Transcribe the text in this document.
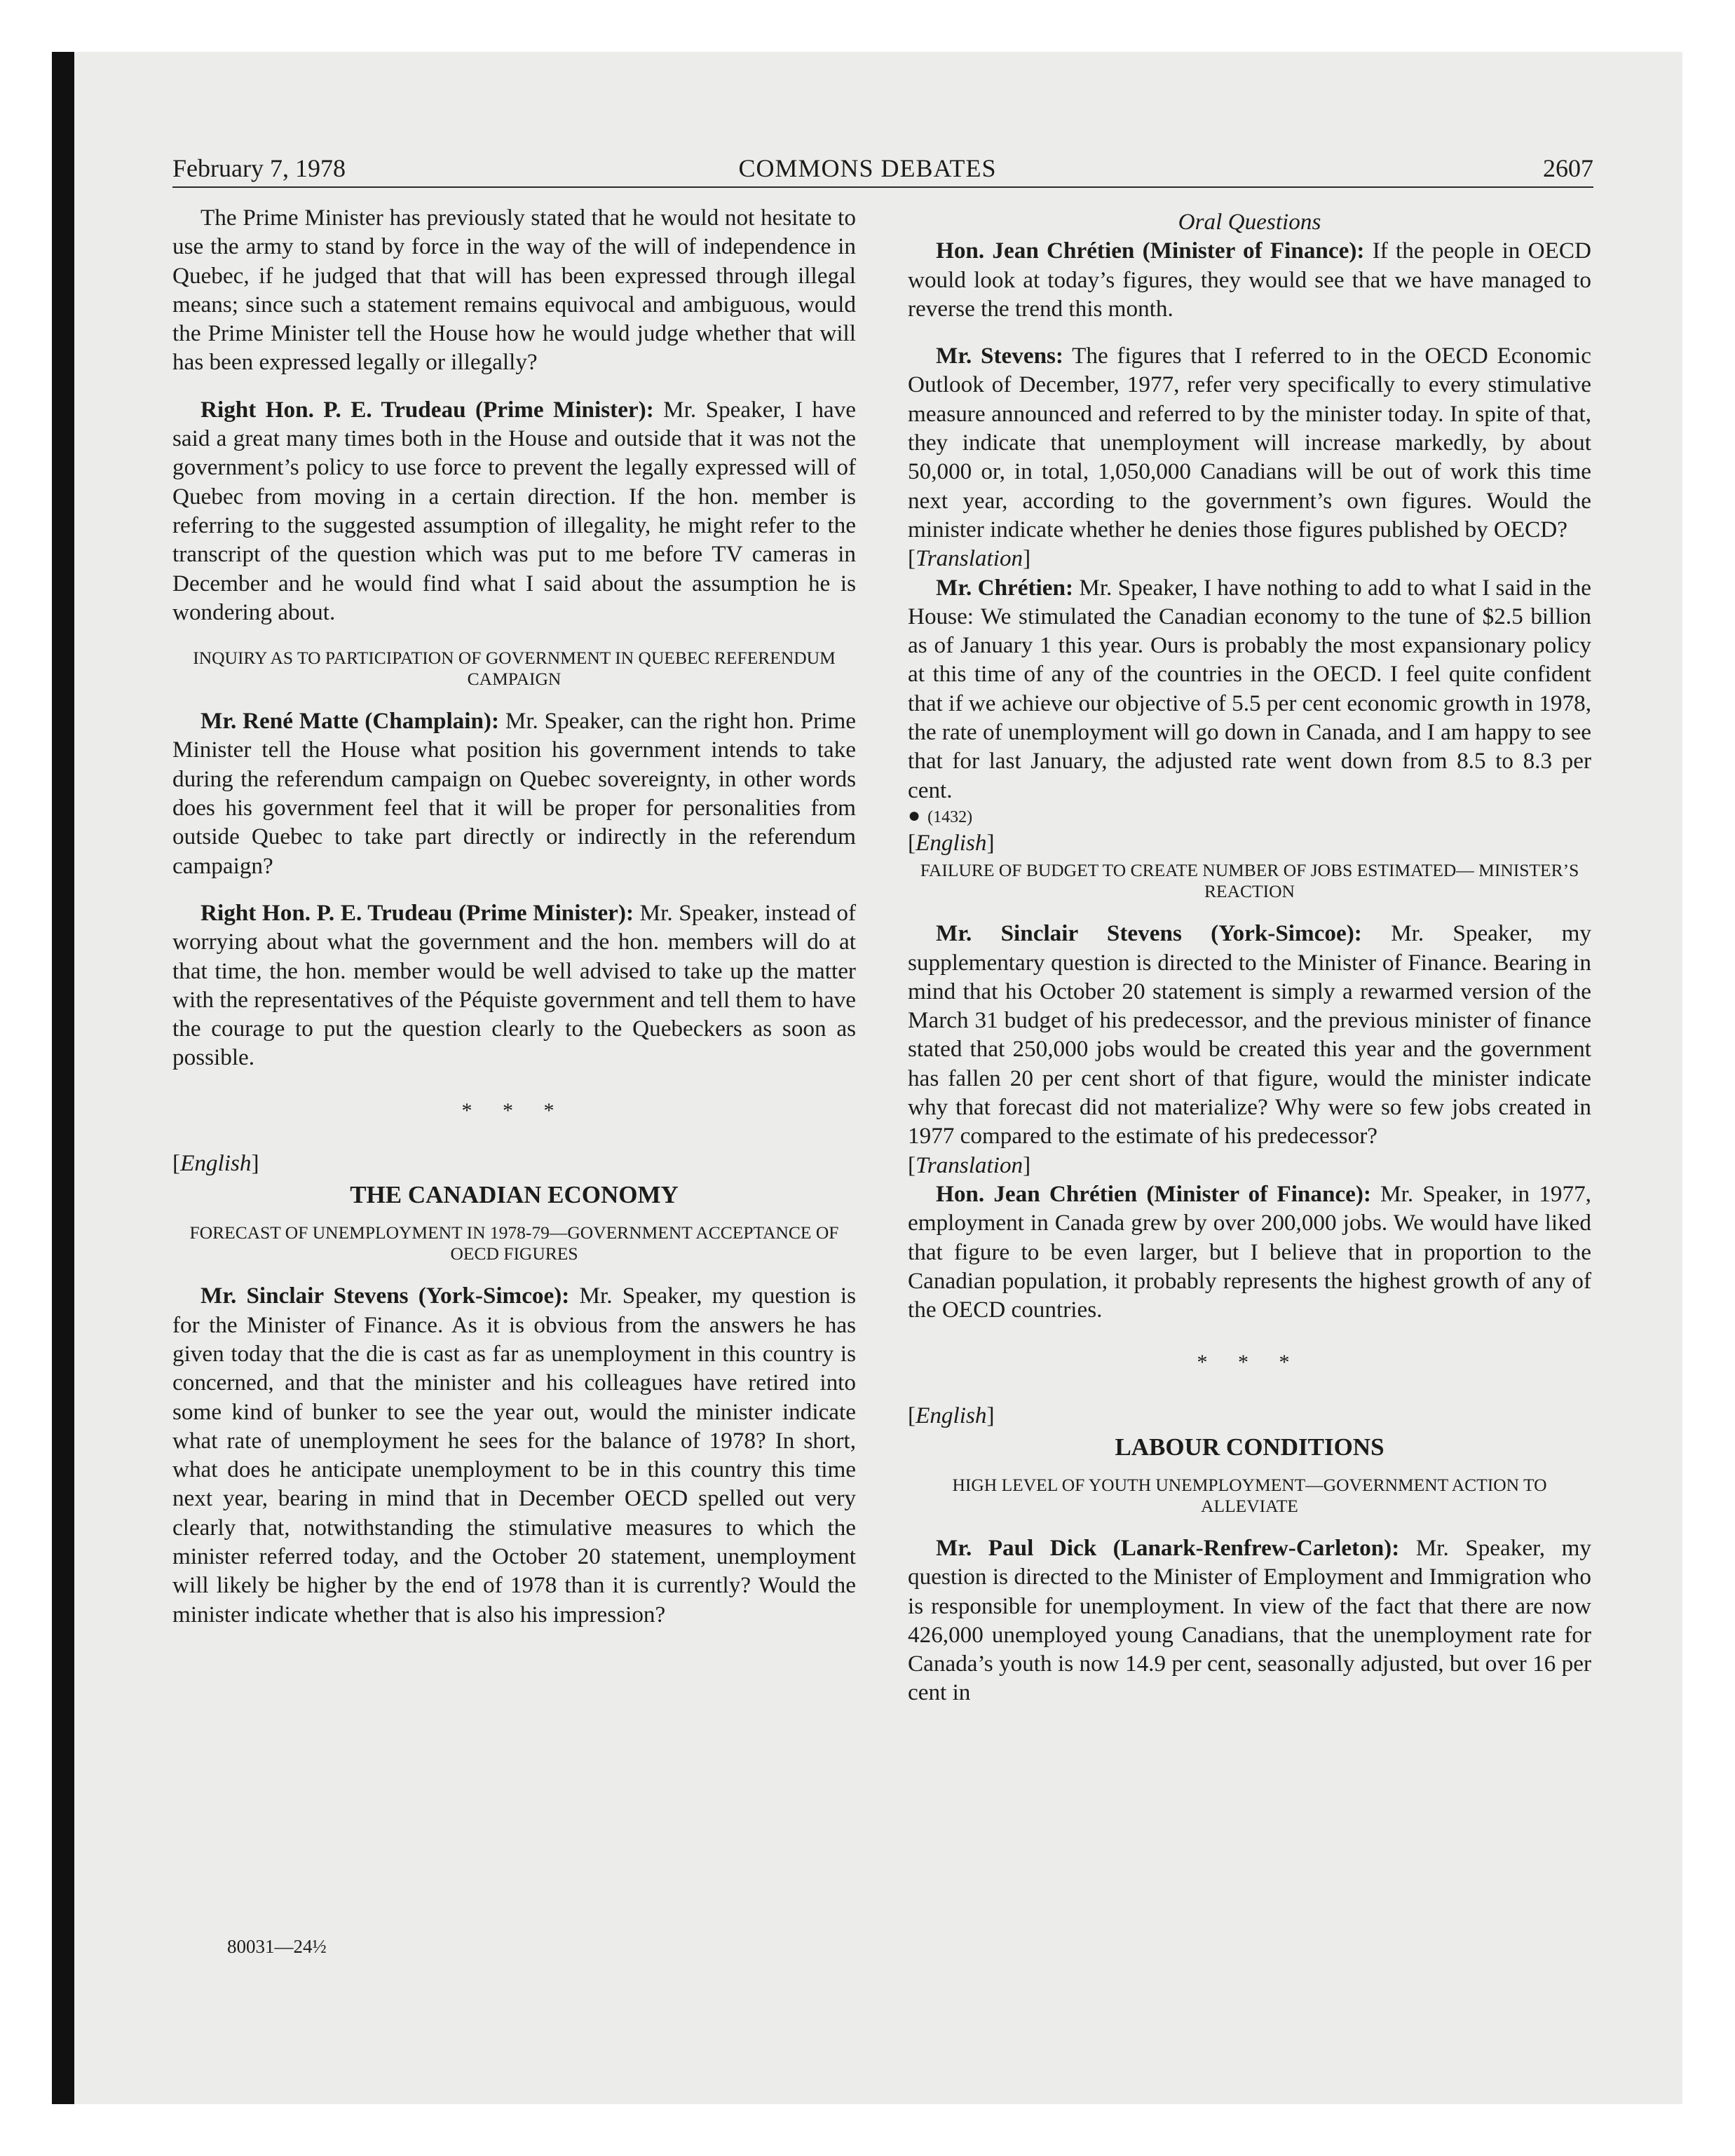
February 7, 1978	COMMONS DEBATES	2607

The Prime Minister has previously stated that he would not hesitate to use the army to stand by force in the way of the will of independence in Quebec, if he judged that that will has been expressed through illegal means; since such a statement remains equivocal and ambiguous, would the Prime Minister tell the House how he would judge whether that will has been expressed legally or illegally?

Right Hon. P. E. Trudeau (Prime Minister): Mr. Speaker, I have said a great many times both in the House and outside that it was not the government’s policy to use force to prevent the legally expressed will of Quebec from moving in a certain direction. If the hon. member is referring to the suggested assumption of illegality, he might refer to the transcript of the question which was put to me before TV cameras in December and he would find what I said about the assumption he is wondering about.

INQUIRY AS TO PARTICIPATION OF GOVERNMENT IN QUEBEC REFERENDUM CAMPAIGN

Mr. René Matte (Champlain): Mr. Speaker, can the right hon. Prime Minister tell the House what position his government intends to take during the referendum campaign on Quebec sovereignty, in other words does his government feel that it will be proper for personalities from outside Quebec to take part directly or indirectly in the referendum campaign?

Right Hon. P. E. Trudeau (Prime Minister): Mr. Speaker, instead of worrying about what the government and the hon. members will do at that time, the hon. member would be well advised to take up the matter with the representatives of the Péquiste government and tell them to have the courage to put the question clearly to the Quebeckers as soon as possible.

* * *

[English]

THE CANADIAN ECONOMY

FORECAST OF UNEMPLOYMENT IN 1978-79—GOVERNMENT ACCEPTANCE OF OECD FIGURES

Mr. Sinclair Stevens (York-Simcoe): Mr. Speaker, my question is for the Minister of Finance. As it is obvious from the answers he has given today that the die is cast as far as unemployment in this country is concerned, and that the minister and his colleagues have retired into some kind of bunker to see the year out, would the minister indicate what rate of unemployment he sees for the balance of 1978? In short, what does he anticipate unemployment to be in this country this time next year, bearing in mind that in December OECD spelled out very clearly that, notwithstanding the stimulative measures to which the minister referred today, and the October 20 statement, unemployment will likely be higher by the end of 1978 than it is currently? Would the minister indicate whether that is also his impression?

Oral Questions

Hon. Jean Chrétien (Minister of Finance): If the people in OECD would look at today’s figures, they would see that we have managed to reverse the trend this month.

Mr. Stevens: The figures that I referred to in the OECD Economic Outlook of December, 1977, refer very specifically to every stimulative measure announced and referred to by the minister today. In spite of that, they indicate that unemployment will increase markedly, by about 50,000 or, in total, 1,050,000 Canadians will be out of work this time next year, according to the government’s own figures. Would the minister indicate whether he denies those figures published by OECD?

[Translation]

Mr. Chrétien: Mr. Speaker, I have nothing to add to what I said in the House: We stimulated the Canadian economy to the tune of $2.5 billion as of January 1 this year. Ours is probably the most expansionary policy at this time of any of the countries in the OECD. I feel quite confident that if we achieve our objective of 5.5 per cent economic growth in 1978, the rate of unemployment will go down in Canada, and I am happy to see that for last January, the adjusted rate went down from 8.5 to 8.3 per cent.

● (1432)

[English]

FAILURE OF BUDGET TO CREATE NUMBER OF JOBS ESTIMATED— MINISTER’S REACTION

Mr. Sinclair Stevens (York-Simcoe): Mr. Speaker, my supplementary question is directed to the Minister of Finance. Bearing in mind that his October 20 statement is simply a rewarmed version of the March 31 budget of his predecessor, and the previous minister of finance stated that 250,000 jobs would be created this year and the government has fallen 20 per cent short of that figure, would the minister indicate why that forecast did not materialize? Why were so few jobs created in 1977 compared to the estimate of his predecessor?

[Translation]

Hon. Jean Chrétien (Minister of Finance): Mr. Speaker, in 1977, employment in Canada grew by over 200,000 jobs. We would have liked that figure to be even larger, but I believe that in proportion to the Canadian population, it probably represents the highest growth of any of the OECD countries.

* * *

[English]

LABOUR CONDITIONS

HIGH LEVEL OF YOUTH UNEMPLOYMENT—GOVERNMENT ACTION TO ALLEVIATE

Mr. Paul Dick (Lanark-Renfrew-Carleton): Mr. Speaker, my question is directed to the Minister of Employment and Immigration who is responsible for unemployment. In view of the fact that there are now 426,000 unemployed young Canadians, that the unemployment rate for Canada’s youth is now 14.9 per cent, seasonally adjusted, but over 16 per cent in

80031—24½
